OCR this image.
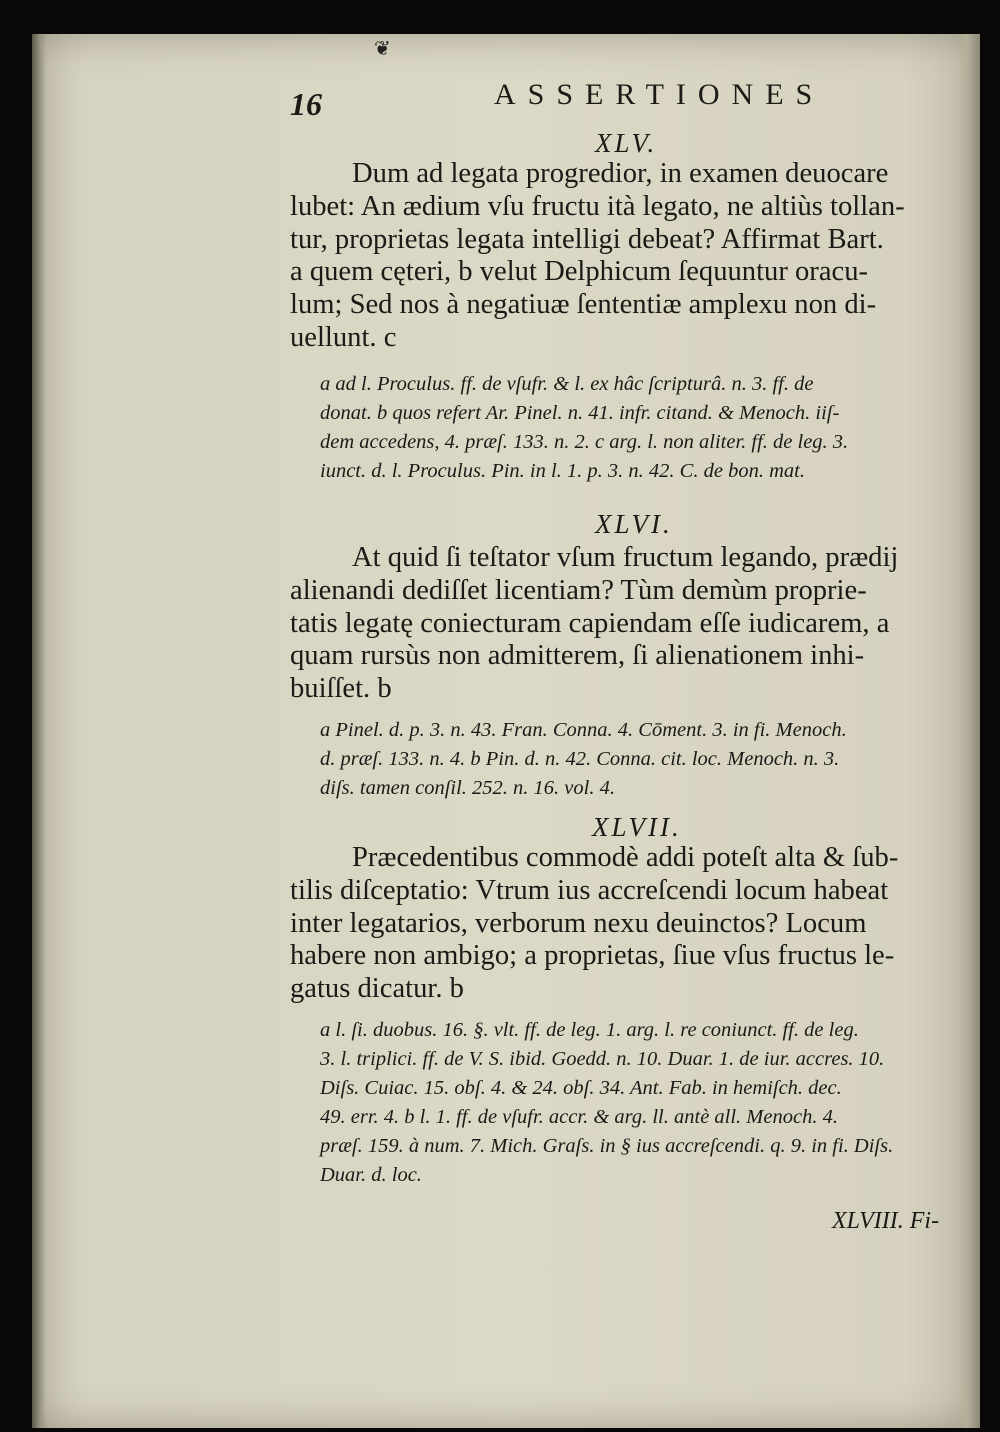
❦
16	ASSERTIONES
XLV.
Dum ad legata progredior, in examen deuocare
lubet: An ædium vſu fructu ità legato, ne altiùs tollan-
tur, proprietas legata intelligi debeat? Affirmat Bart.
a quem cęteri, b velut Delphicum ſequuntur oracu-
lum; Sed nos à negatiuæ ſententiæ amplexu non di-
uellunt. c
a ad l. Proculus. ff. de vſufr. & l. ex hâc ſcripturâ. n. 3. ff. de
donat. b quos refert Ar. Pinel. n. 41. infr. citand. & Menoch. iiſ-
dem accedens, 4. præſ. 133. n. 2. c arg. l. non aliter. ff. de leg. 3.
iunct. d. l. Proculus. Pin. in l. 1. p. 3. n. 42. C. de bon. mat.
XLVI.
At quid ſi teſtator vſum fructum legando, prædij
alienandi dediſſet licentiam? Tùm demùm proprie-
tatis legatę coniecturam capiendam eſſe iudicarem, a
quam rursùs non admitterem, ſi alienationem inhi-
buiſſet. b
a Pinel. d. p. 3. n. 43. Fran. Conna. 4. Cōment. 3. in fi. Menoch.
d. præſ. 133. n. 4. b Pin. d. n. 42. Conna. cit. loc. Menoch. n. 3.
diſs. tamen conſil. 252. n. 16. vol. 4.
XLVII.
Præcedentibus commodè addi poteſt alta & ſub-
tilis diſceptatio: Vtrum ius accreſcendi locum habeat
inter legatarios, verborum nexu deuinctos? Locum
habere non ambigo; a proprietas, ſiue vſus fructus le-
gatus dicatur. b
a l. ſi. duobus. 16. §. vlt. ff. de leg. 1. arg. l. re coniunct. ff. de leg.
3. l. triplici. ff. de V. S. ibid. Goedd. n. 10. Duar. 1. de iur. accres. 10.
Diſs. Cuiac. 15. obſ. 4. & 24. obſ. 34. Ant. Fab. in hemiſch. dec.
49. err. 4. b l. 1. ff. de vſufr. accr. & arg. ll. antè all. Menoch. 4.
præſ. 159. à num. 7. Mich. Graſs. in § ius accreſcendi. q. 9. in fi. Diſs.
Duar. d. loc.
XLVIII. Fi-
